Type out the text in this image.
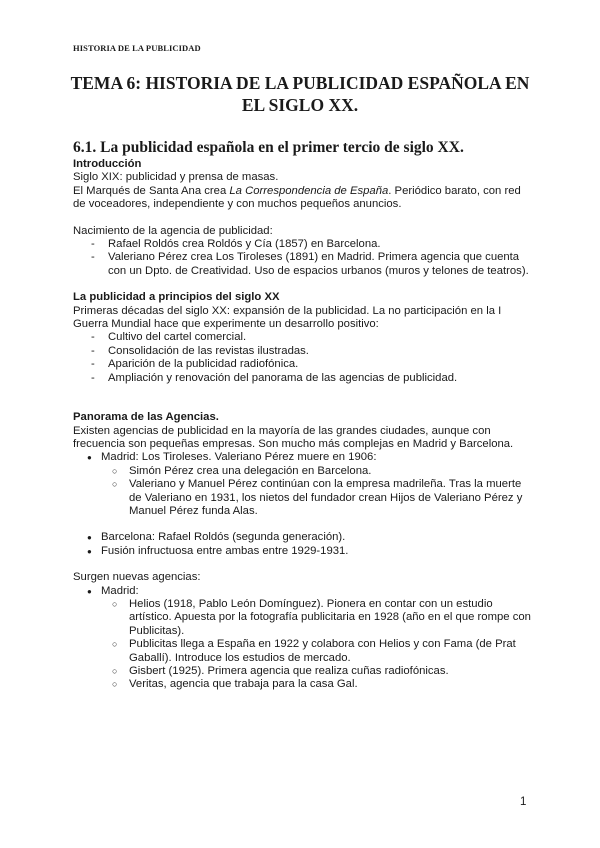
HISTORIA DE LA PUBLICIDAD
TEMA 6: HISTORIA DE LA PUBLICIDAD ESPAÑOLA EN
EL SIGLO XX.

6.1. La publicidad española en el primer tercio de siglo XX.

Introducción

Siglo XIX: publicidad y prensa de masas.

El Marqués de Santa Ana crea La Correspondencia de España. Periódico barato, con red de voceadores, independiente y con muchos pequeños anuncios.

Nacimiento de la agencia de publicidad:

- Rafael Roldós crea Roldós y Cía (1857) en Barcelona.
- Valeriano Pérez crea Los Tiroleses (1891) en Madrid. Primera agencia que cuenta con un Dpto. de Creatividad. Uso de espacios urbanos (muros y telones de teatros).

La publicidad a principios del siglo XX

Primeras décadas del siglo XX: expansión de la publicidad. La no participación en la I Guerra Mundial hace que experimente un desarrollo positivo:

- Cultivo del cartel comercial.
- Consolidación de las revistas ilustradas.
- Aparición de la publicidad radiofónica.
- Ampliación y renovación del panorama de las agencias de publicidad.

Panorama de las Agencias.

Existen agencias de publicidad en la mayoría de las grandes ciudades, aunque con frecuencia son pequeñas empresas. Son mucho más complejas en Madrid y Barcelona.

● Madrid: Los Tiroleses. Valeriano Pérez muere en 1906:
○ Simón Pérez crea una delegación en Barcelona.
○ Valeriano y Manuel Pérez continúan con la empresa madrileña. Tras la muerte de Valeriano en 1931, los nietos del fundador crean Hijos de Valeriano Pérez y Manuel Pérez funda Alas.
● Barcelona: Rafael Roldós (segunda generación).
● Fusión infructuosa entre ambas entre 1929-1931.

Surgen nuevas agencias:

● Madrid:
○ Helios (1918, Pablo León Domínguez). Pionera en contar con un estudio artístico. Apuesta por la fotografía publicitaria en 1928 (año en el que rompe con Publicitas).
○ Publicitas llega a España en 1922 y colabora con Helios y con Fama (de Prat Gaballí). Introduce los estudios de mercado.
○ Gisbert (1925). Primera agencia que realiza cuñas radiofónicas.
○ Veritas, agencia que trabaja para la casa Gal.
1
